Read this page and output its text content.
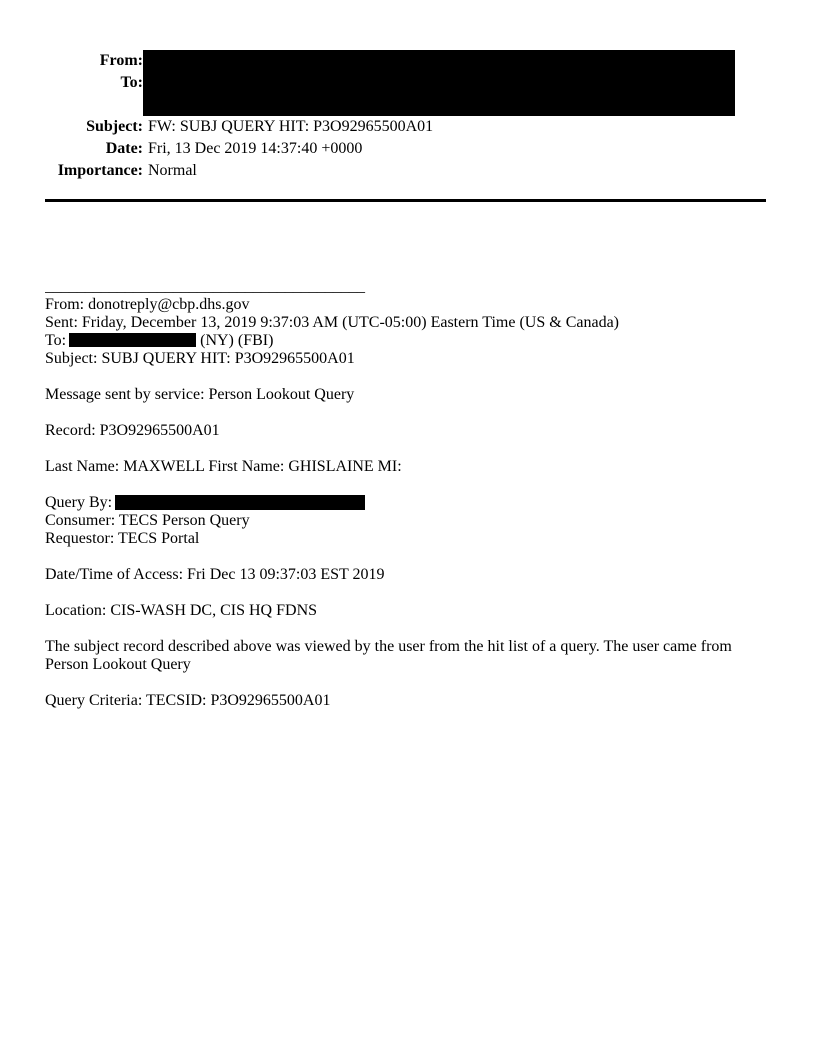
From:
To:
Subject: FW: SUBJ QUERY HIT: P3O92965500A01
Date: Fri, 13 Dec 2019 14:37:40 +0000
Importance: Normal
________________________________________
From: donotreply@cbp.dhs.gov
Sent: Friday, December 13, 2019 9:37:03 AM (UTC-05:00) Eastern Time (US & Canada)
To:	(NY) (FBI)
Subject: SUBJ QUERY HIT: P3O92965500A01
Message sent by service: Person Lookout Query
Record: P3O92965500A01
Last Name: MAXWELL First Name: GHISLAINE MI:
Query By:
Consumer: TECS Person Query
Requestor: TECS Portal
Date/Time of Access: Fri Dec 13 09:37:03 EST 2019
Location: CIS-WASH DC, CIS HQ FDNS
The subject record described above was viewed by the user from the hit list of a query. The user came from Person Lookout Query
Query Criteria: TECSID: P3O92965500A01
